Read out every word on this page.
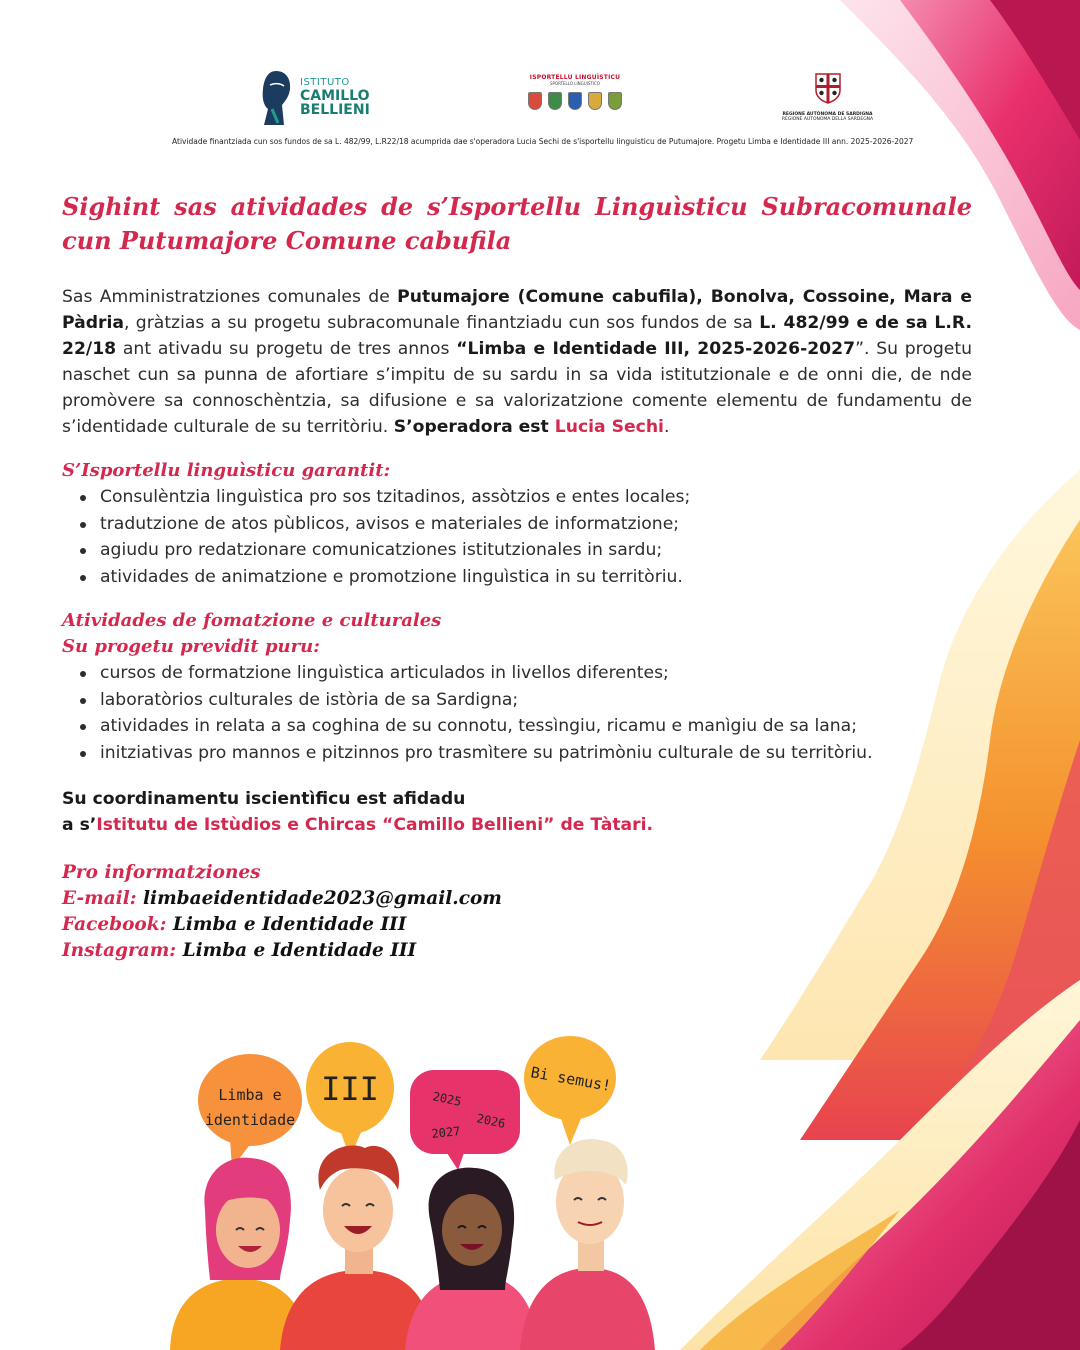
ISTITUTO
CAMILLO
BELLIENI
ISPORTELLU LINGUÌSTICU
SPORTELLO LINGUISTICO
REGIONE AUTÒNOMA DE SARDIGNA
REGIONE AUTONOMA DELLA SARDEGNA
Atividade finantziada cun sos fundos de sa L. 482/99, L.R22/18 acumprida dae s'operadora Lucia Sechi de s'isportellu linguisticu de Putumajore. Progetu Limba e Identidade III ann. 2025-2026-2027
Sighint sas atividades de s’Isportellu Linguìsticu Subracomunale cun Putumajore Comune cabufila

Sas Amministratziones comunales de Putumajore (Comune cabufila), Bonolva, Cossoine, Mara e Pàdria, gràtzias a su progetu subracomunale finantziadu cun sos fundos de sa L. 482/99 e de sa L.R. 22/18 ant ativadu su progetu de tres annos “Limba e Identidade III, 2025-2026-2027”. Su progetu naschet cun sa punna de afortiare s’impitu de su sardu in sa vida istitutzionale e de onni die, de nde promòvere sa connoschèntzia, sa difusione e sa valorizatzione comente elementu de fundamentu de s’identidade culturale de su territòriu. S’operadora est Lucia Sechi.

S’Isportellu linguìsticu garantit:
Consulèntzia linguìstica pro sos tzitadinos, assòtzios e entes locales;
tradutzione de atos pùblicos, avisos e materiales de informatzione;
agiudu pro redatzionare comunicatziones istitutzionales in sardu;
atividades de animatzione e promotzione linguìstica in su territòriu.
Atividades de fomatzione e culturales
Su progetu previdit puru:
cursos de formatzione linguìstica articulados in livellos diferentes;
laboratòrios culturales de istòria de sa Sardigna;
atividades in relata a sa coghina de su connotu, tessìngiu, ricamu e manìgiu de sa lana;
initziativas pro mannos e pitzinnos pro trasmìtere su patrimòniu culturale de su territòriu.
Su coordinamentu iscientìficu est afidadu
a s’Istitutu de Istùdios e Chircas “Camillo Bellieni” de Tàtari.
Pro informatziones
E-mail: limbaeidentidade2023@gmail.com
Facebook: Limba e Identidade III
Instagram: Limba e Identidade III
Limba e
identidade
III	2025
2026
2027
Bi semus!
